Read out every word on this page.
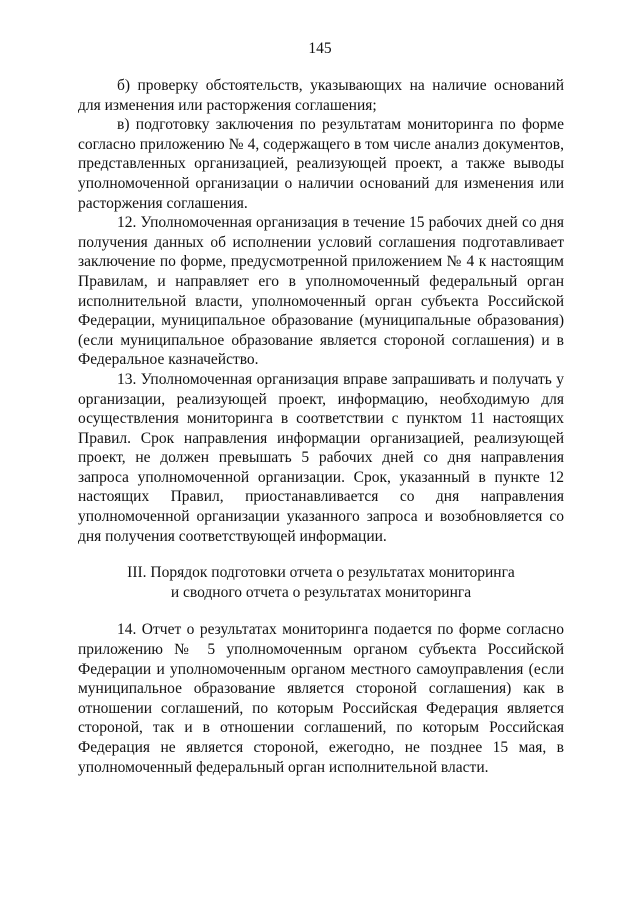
145

б) проверку обстоятельств, указывающих на наличие оснований для изменения или расторжения соглашения;

в) подготовку заключения по результатам мониторинга по форме согласно приложению № 4, содержащего в том числе анализ документов, представленных организацией, реализующей проект, а также выводы уполномоченной организации о наличии оснований для изменения или расторжения соглашения.

12. Уполномоченная организация в течение 15 рабочих дней со дня получения данных об исполнении условий соглашения подготавливает заключение по форме, предусмотренной приложением № 4 к настоящим Правилам, и направляет его в уполномоченный федеральный орган исполнительной власти, уполномоченный орган субъекта Российской Федерации, муниципальное образование (муниципальные образования) (если муниципальное образование является стороной соглашения) и в Федеральное казначейство.

13. Уполномоченная организация вправе запрашивать и получать у организации, реализующей проект, информацию, необходимую для осуществления мониторинга в соответствии с пунктом 11 настоящих Правил. Срок направления информации организацией, реализующей проект, не должен превышать 5 рабочих дней со дня направления запроса уполномоченной организации. Срок, указанный в пункте 12 настоящих Правил, приостанавливается со дня направления уполномоченной организации указанного запроса и возобновляется со дня получения соответствующей информации.

III. Порядок подготовки отчета о результатах мониторинга
и сводного отчета о результатах мониторинга

14. Отчет о результатах мониторинга подается по форме согласно приложению № 5 уполномоченным органом субъекта Российской Федерации и уполномоченным органом местного самоуправления (если муниципальное образование является стороной соглашения) как в отношении соглашений, по которым Российская Федерация является стороной, так и в отношении соглашений, по которым Российская Федерация не является стороной, ежегодно, не позднее 15 мая, в уполномоченный федеральный орган исполнительной власти.
